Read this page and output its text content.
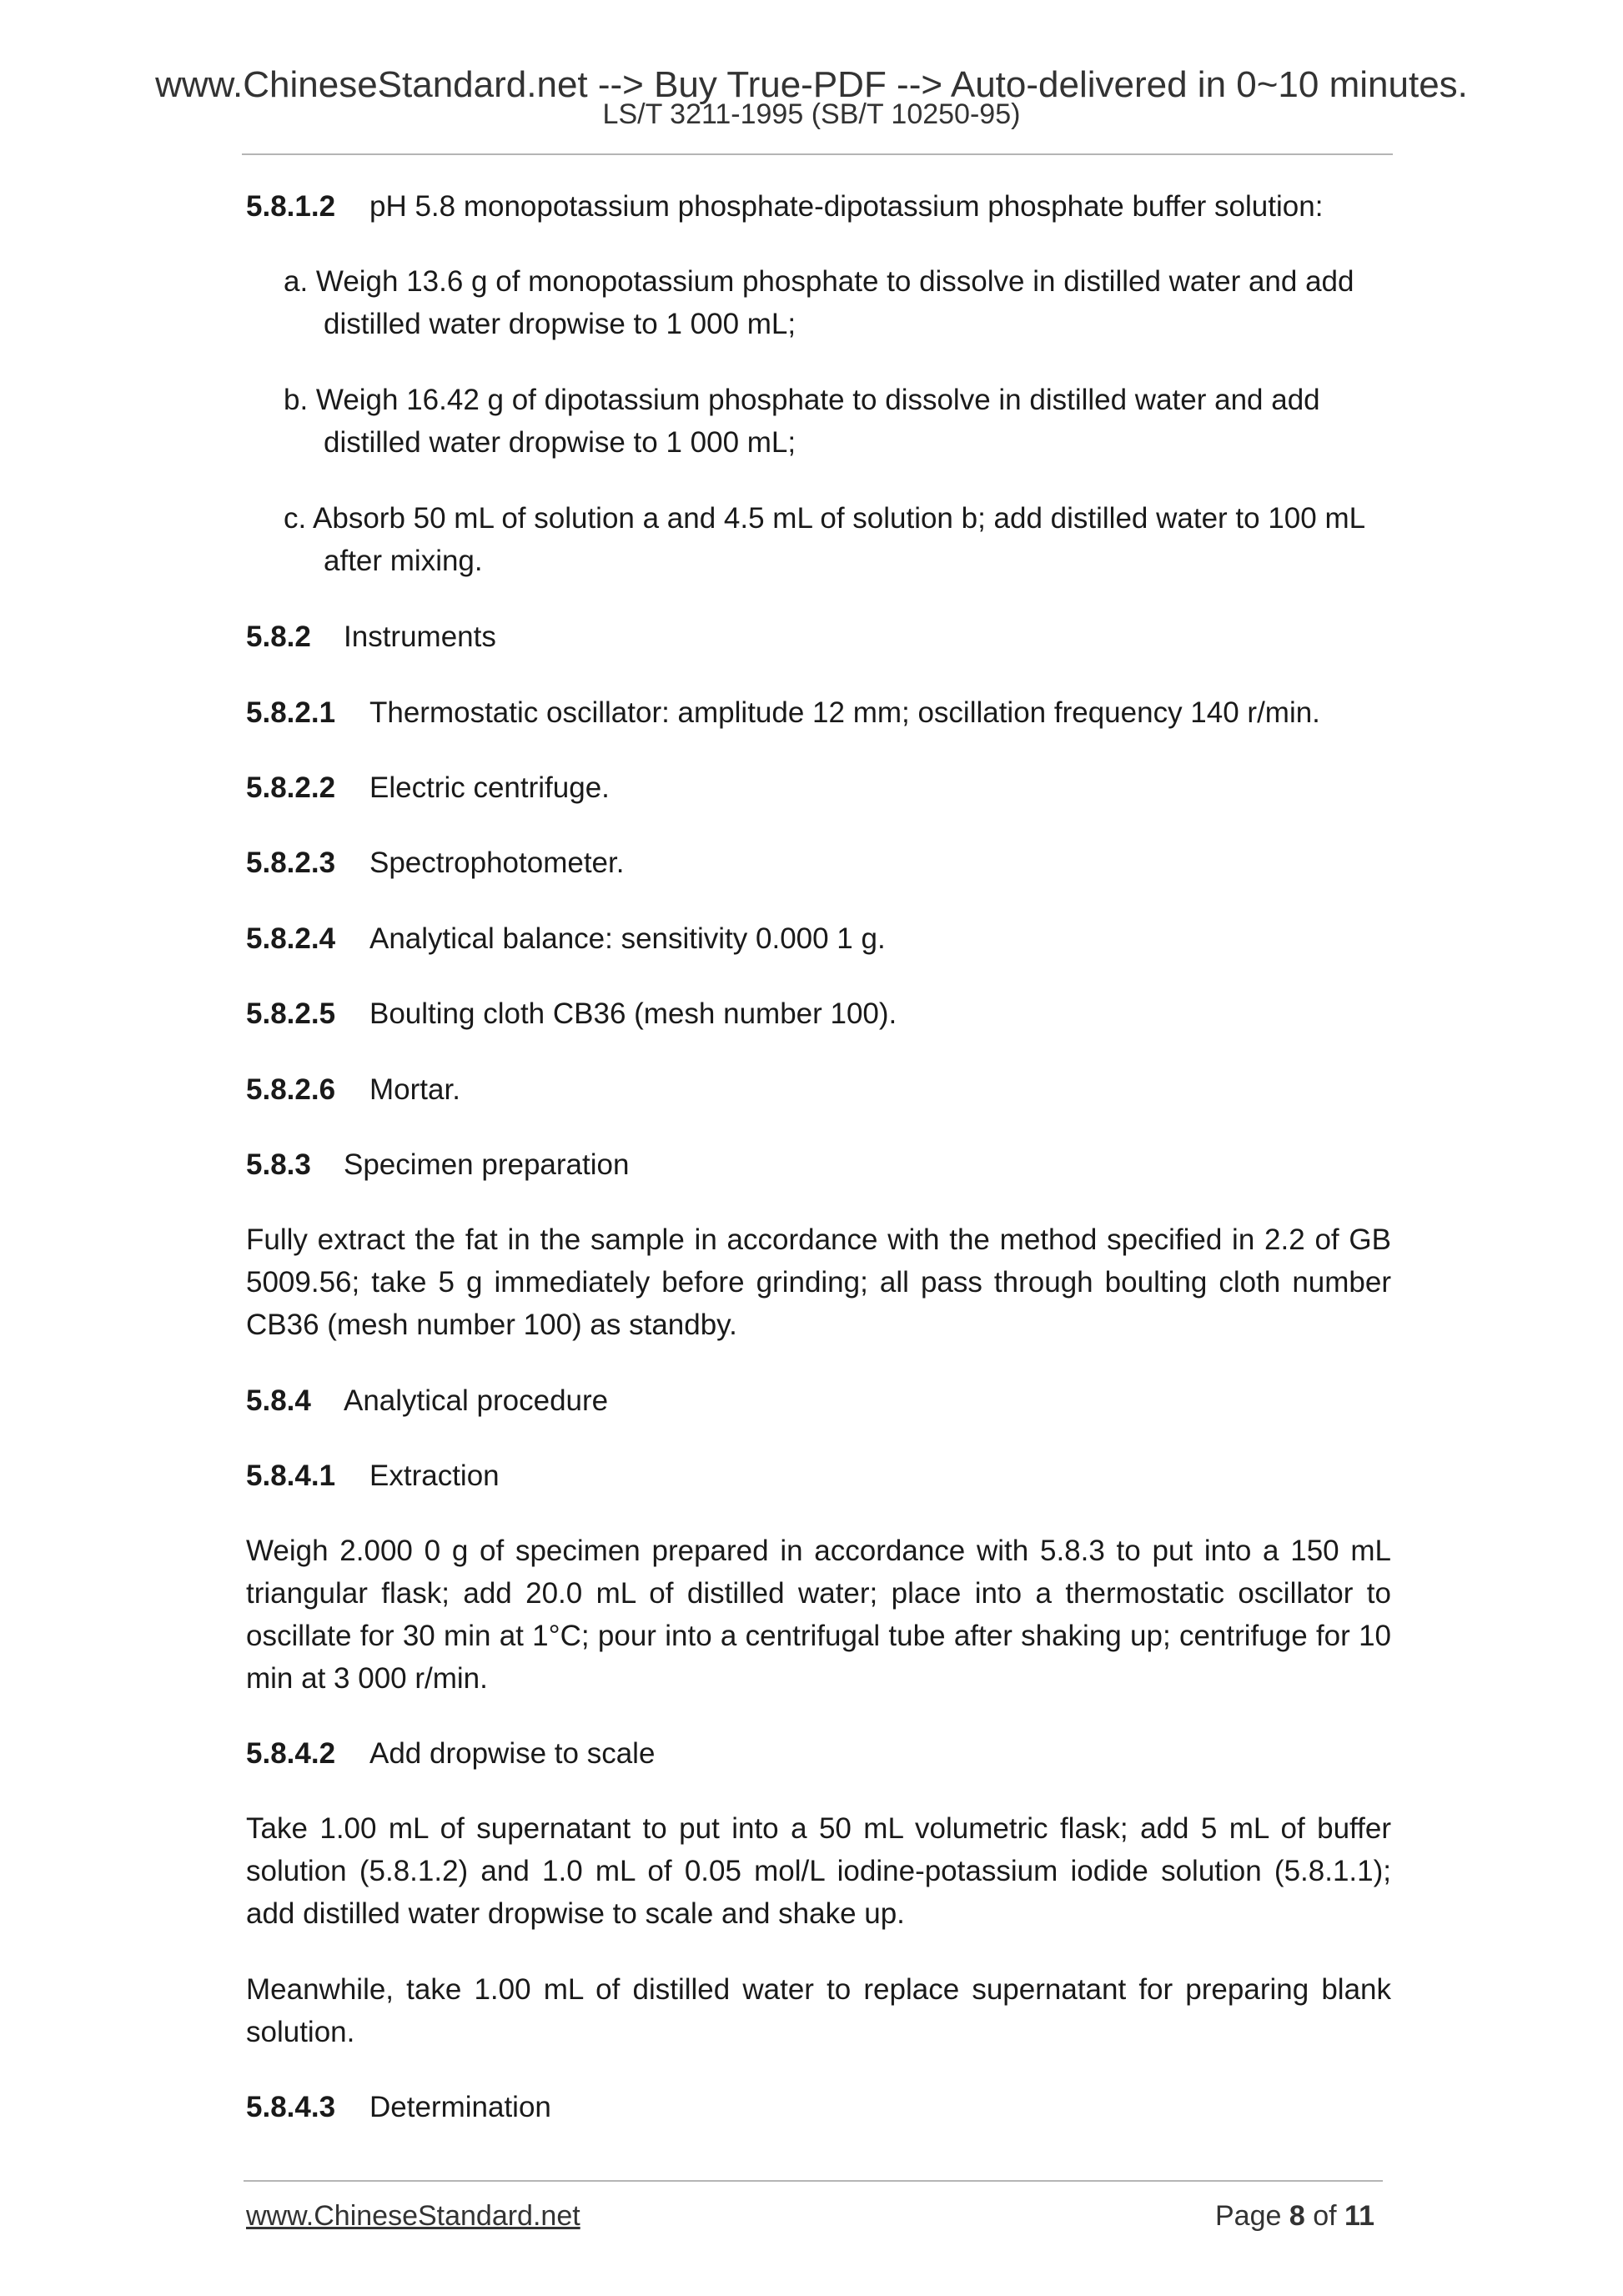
www.ChineseStandard.net --> Buy True-PDF --> Auto-delivered in 0~10 minutes.
LS/T 3211-1995 (SB/T 10250-95)

5.8.1.2 pH 5.8 monopotassium phosphate-dipotassium phosphate buffer solution:

a. Weigh 13.6 g of monopotassium phosphate to dissolve in distilled water and add
distilled water dropwise to 1 000 mL;

b. Weigh 16.42 g of dipotassium phosphate to dissolve in distilled water and add
distilled water dropwise to 1 000 mL;

c. Absorb 50 mL of solution a and 4.5 mL of solution b; add distilled water to 100 mL
after mixing.

5.8.2 Instruments

5.8.2.1 Thermostatic oscillator: amplitude 12 mm; oscillation frequency 140 r/min.

5.8.2.2 Electric centrifuge.

5.8.2.3 Spectrophotometer.

5.8.2.4 Analytical balance: sensitivity 0.000 1 g.

5.8.2.5 Boulting cloth CB36 (mesh number 100).

5.8.2.6 Mortar.

5.8.3 Specimen preparation

Fully extract the fat in the sample in accordance with the method specified in 2.2 of GB 5009.56; take 5 g immediately before grinding; all pass through boulting cloth number CB36 (mesh number 100) as standby.

5.8.4 Analytical procedure

5.8.4.1 Extraction

Weigh 2.000 0 g of specimen prepared in accordance with 5.8.3 to put into a 150 mL triangular flask; add 20.0 mL of distilled water; place into a thermostatic oscillator to oscillate for 30 min at 1°C; pour into a centrifugal tube after shaking up; centrifuge for 10 min at 3 000 r/min.

5.8.4.2 Add dropwise to scale

Take 1.00 mL of supernatant to put into a 50 mL volumetric flask; add 5 mL of buffer solution (5.8.1.2) and 1.0 mL of 0.05 mol/L iodine-potassium iodide solution (5.8.1.1); add distilled water dropwise to scale and shake up.

Meanwhile, take 1.00 mL of distilled water to replace supernatant for preparing blank solution.

5.8.4.3 Determination

www.ChineseStandard.net	Page 8 of 11
